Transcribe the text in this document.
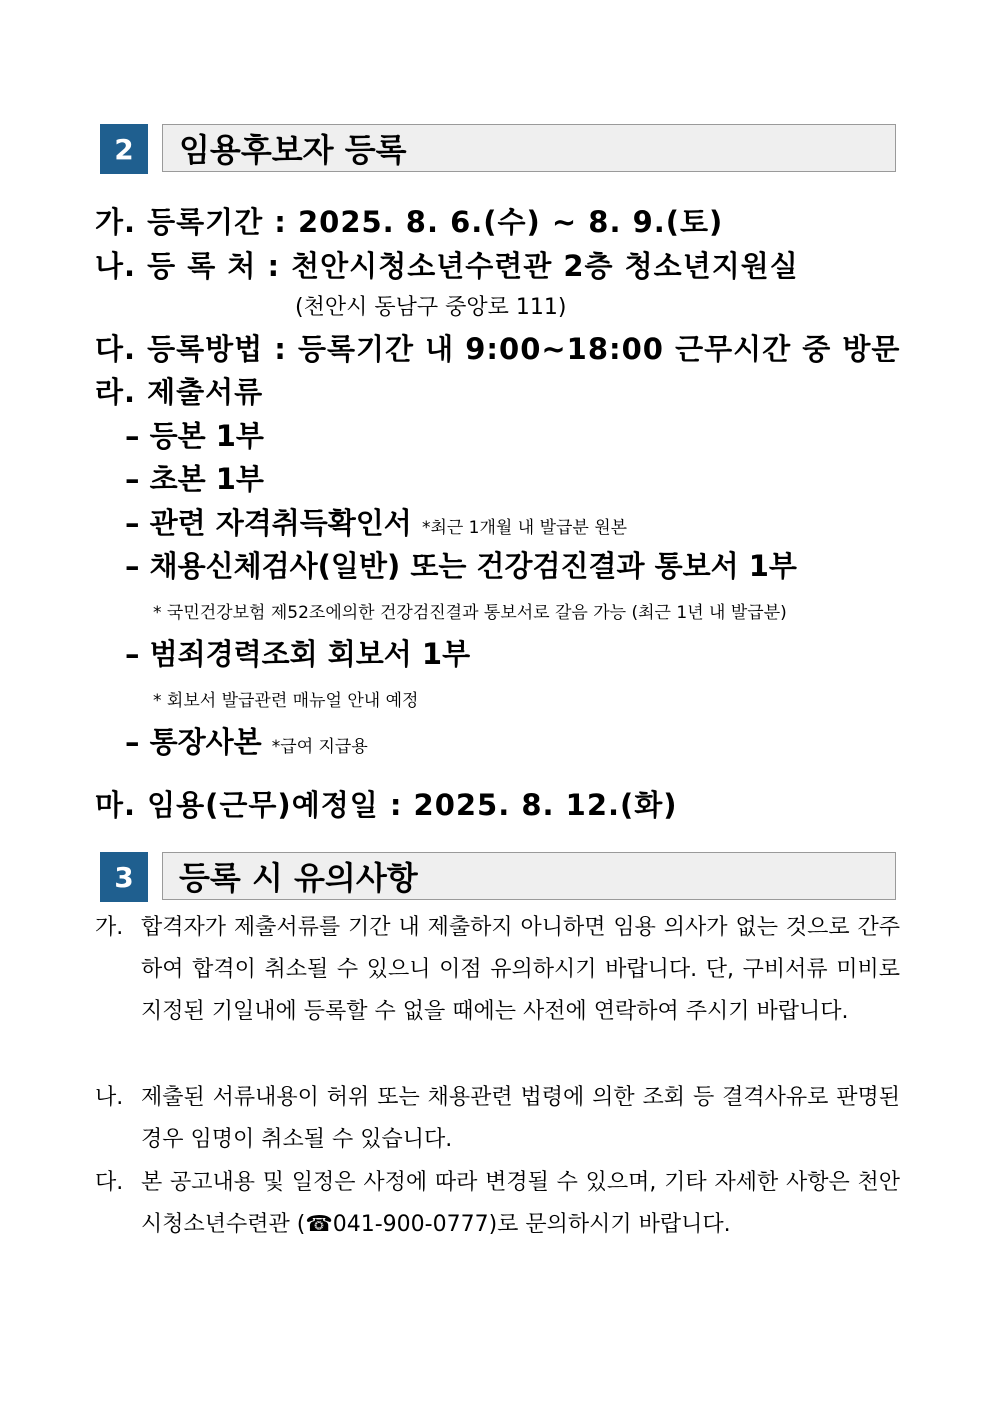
2	임용후보자 등록
가. 등록기간 : 2025. 8. 6.(수) ~ 8. 9.(토)
나. 등 록 처 : 천안시청소년수련관 2층 청소년지원실
(천안시 동남구 중앙로 111)
다. 등록방법 : 등록기간 내 9:00~18:00 근무시간 중 방문
라. 제출서류
– 등본 1부
– 초본 1부
– 관련 자격취득확인서 *최근 1개월 내 발급분 원본
– 채용신체검사(일반) 또는 건강검진결과 통보서 1부
* 국민건강보험 제52조에의한 건강검진결과 통보서로 갈음 가능 (최근 1년 내 발급분)
– 범죄경력조회 회보서 1부
* 회보서 발급관련 매뉴얼 안내 예정
– 통장사본 *급여 지급용
마. 임용(근무)예정일 : 2025. 8. 12.(화)
3	등록 시 유의사항
가. 합격자가 제출서류를 기간 내 제출하지 아니하면 임용 의사가 없는 것으로 간주하여 합격이 취소될 수 있으니 이점 유의하시기 바랍니다. 단, 구비서류 미비로 지정된 기일내에 등록할 수 없을 때에는 사전에 연락하여 주시기 바랍니다.
나. 제출된 서류내용이 허위 또는 채용관련 법령에 의한 조회 등 결격사유로 판명된 경우 임명이 취소될 수 있습니다.
다. 본 공고내용 및 일정은 사정에 따라 변경될 수 있으며, 기타 자세한 사항은 천안시청소년수련관 (☎041-900-0777)로 문의하시기 바랍니다.
